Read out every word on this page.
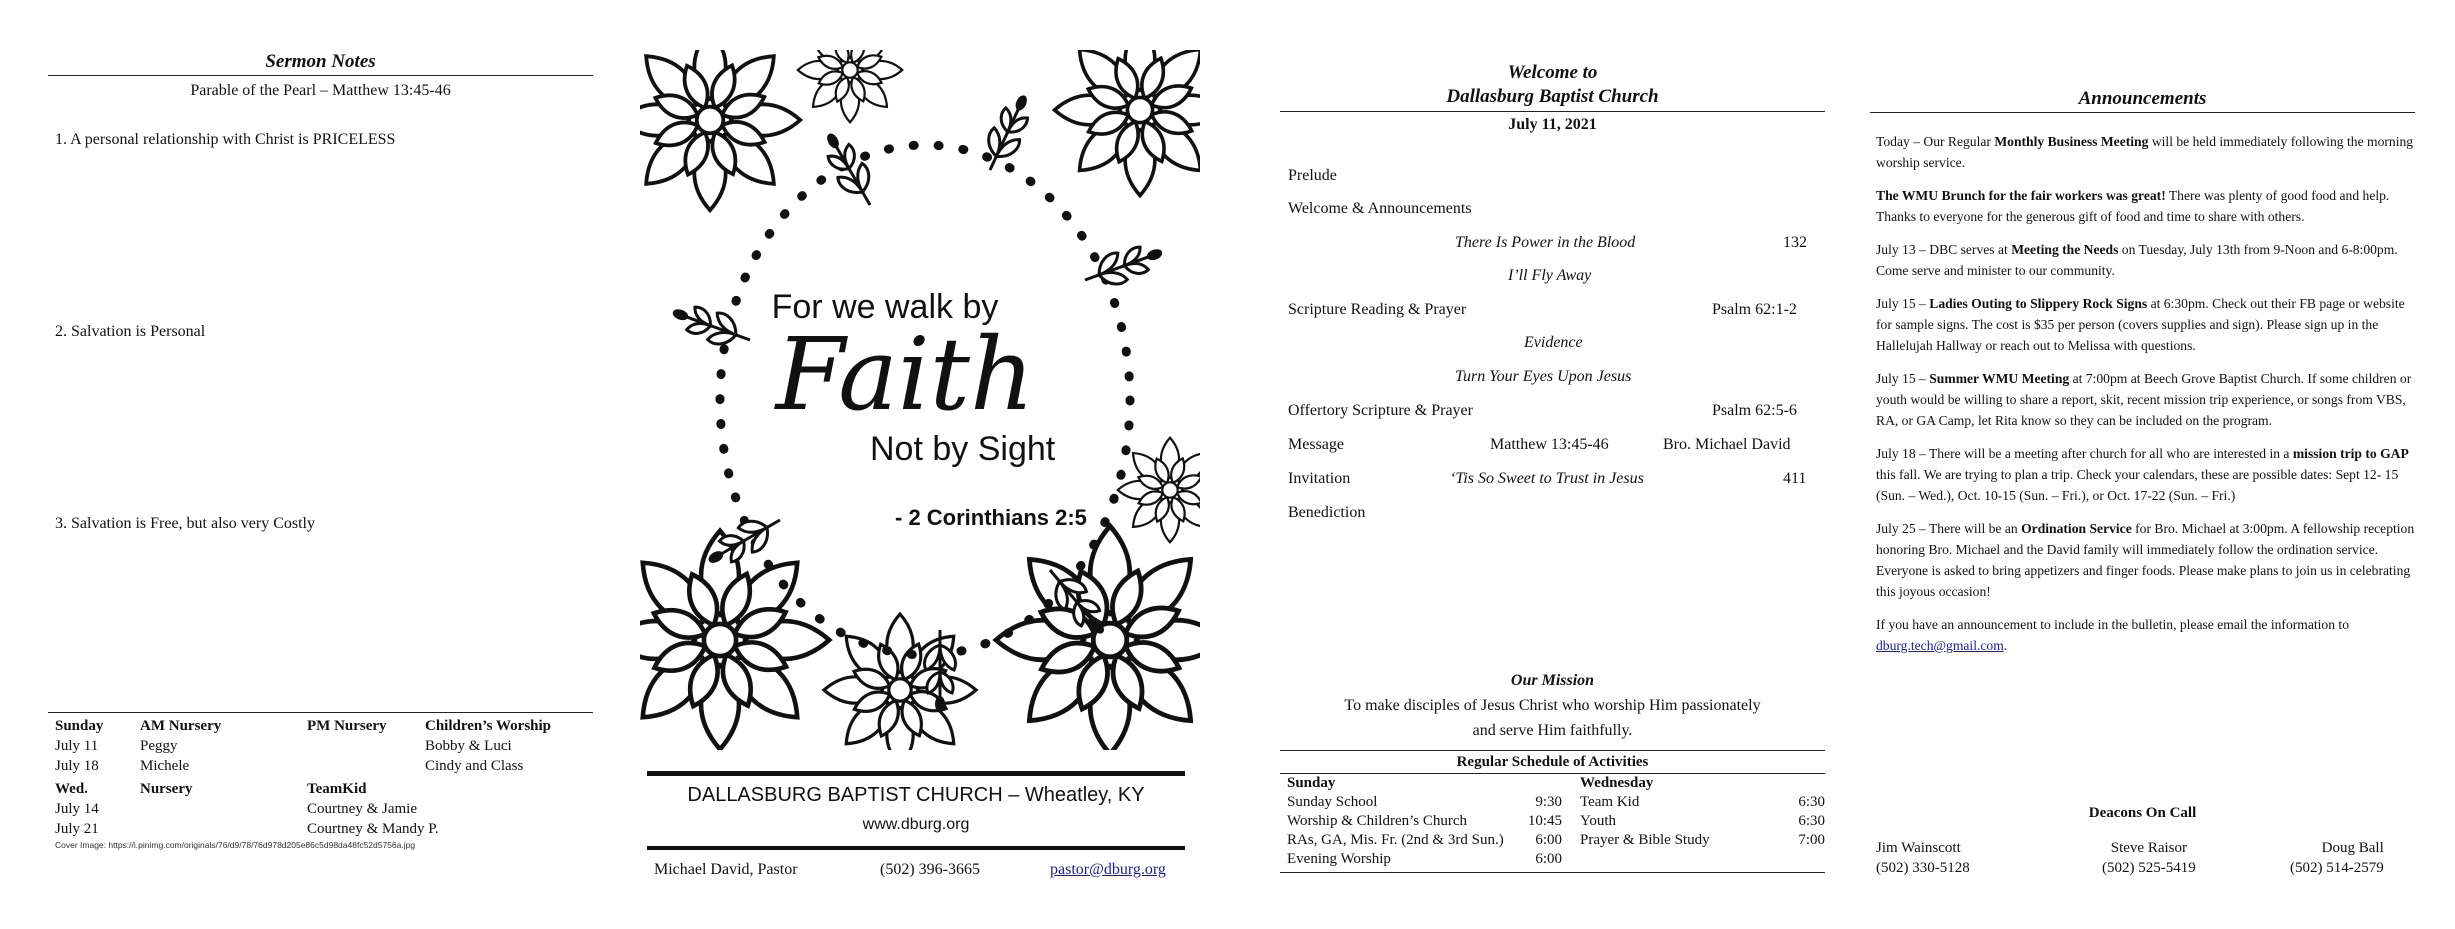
Sermon Notes
Parable of the Pearl – Matthew 13:45-46
1. A personal relationship with Christ is PRICELESS
2. Salvation is Personal
3. Salvation is Free, but also very Costly
Sunday	AM Nursery	PM Nursery	Children’s Worship
July 11	Peggy		Bobby & Luci
July 18	Michele		Cindy and Class
Wed.	Nursery	TeamKid	
July 14		Courtney & Jamie	
July 21		Courtney & Mandy P.	
Cover Image: https://i.pinimg.com/originals/76/d9/78/76d978d205e86c5d98da48fc52d5756a.jpg
For we walk by
Faith
Not by Sight
- 2 Corinthians 2:5
DALLASBURG BAPTIST CHURCH – Wheatley, KY
www.dburg.org
Michael David, Pastor	(502) 396-3665	pastor@dburg.org
Welcome to
Dallasburg Baptist Church
July 11, 2021
Prelude
Welcome & Announcements
There Is Power in the Blood	132
I’ll Fly Away
Scripture Reading & Prayer	Psalm 62:1-2
Evidence
Turn Your Eyes Upon Jesus
Offertory Scripture & Prayer	Psalm 62:5-6
Message	Matthew 13:45-46	Bro. Michael David
Invitation	‘Tis So Sweet to Trust in Jesus	411
Benediction
Our Mission
To make disciples of Jesus Christ who worship Him passionately
and serve Him faithfully.
Regular Schedule of Activities
Sunday	
Sunday School	9:30
Worship & Children’s Church	10:45
RAs, GA, Mis. Fr. (2nd & 3rd Sun.)	6:00
Evening Worship	6:00
Wednesday	
Team Kid	6:30
Youth	6:30
Prayer & Bible Study	7:00
Announcements

Today – Our Regular Monthly Business Meeting will be held immediately following the morning worship service.

The WMU Brunch for the fair workers was great! There was plenty of good food and help. Thanks to everyone for the generous gift of food and time to share with others.

July 13 – DBC serves at Meeting the Needs on Tuesday, July 13th from 9-Noon and 6-8:00pm. Come serve and minister to our community.

July 15 – Ladies Outing to Slippery Rock Signs at 6:30pm. Check out their FB page or website for sample signs. The cost is $35 per person (covers supplies and sign). Please sign up in the Hallelujah Hallway or reach out to Melissa with questions.

July 15 – Summer WMU Meeting at 7:00pm at Beech Grove Baptist Church. If some children or youth would be willing to share a report, skit, recent mission trip experience, or songs from VBS, RA, or GA Camp, let Rita know so they can be included on the program.

July 18 – There will be a meeting after church for all who are interested in a mission trip to GAP this fall. We are trying to plan a trip. Check your calendars, these are possible dates: Sept 12- 15 (Sun. – Wed.), Oct. 10-15 (Sun. – Fri.), or Oct. 17-22 (Sun. – Fri.)

July 25 – There will be an Ordination Service for Bro. Michael at 3:00pm. A fellowship reception honoring Bro. Michael and the David family will immediately follow the ordination service. Everyone is asked to bring appetizers and finger foods. Please make plans to join us in celebrating this joyous occasion!

If you have an announcement to include in the bulletin, please email the information to dburg.tech@gmail.com.

Deacons On Call
Jim Wainscott
(502) 330-5128
Steve Raisor
(502) 525-5419
Doug Ball
(502) 514-2579
